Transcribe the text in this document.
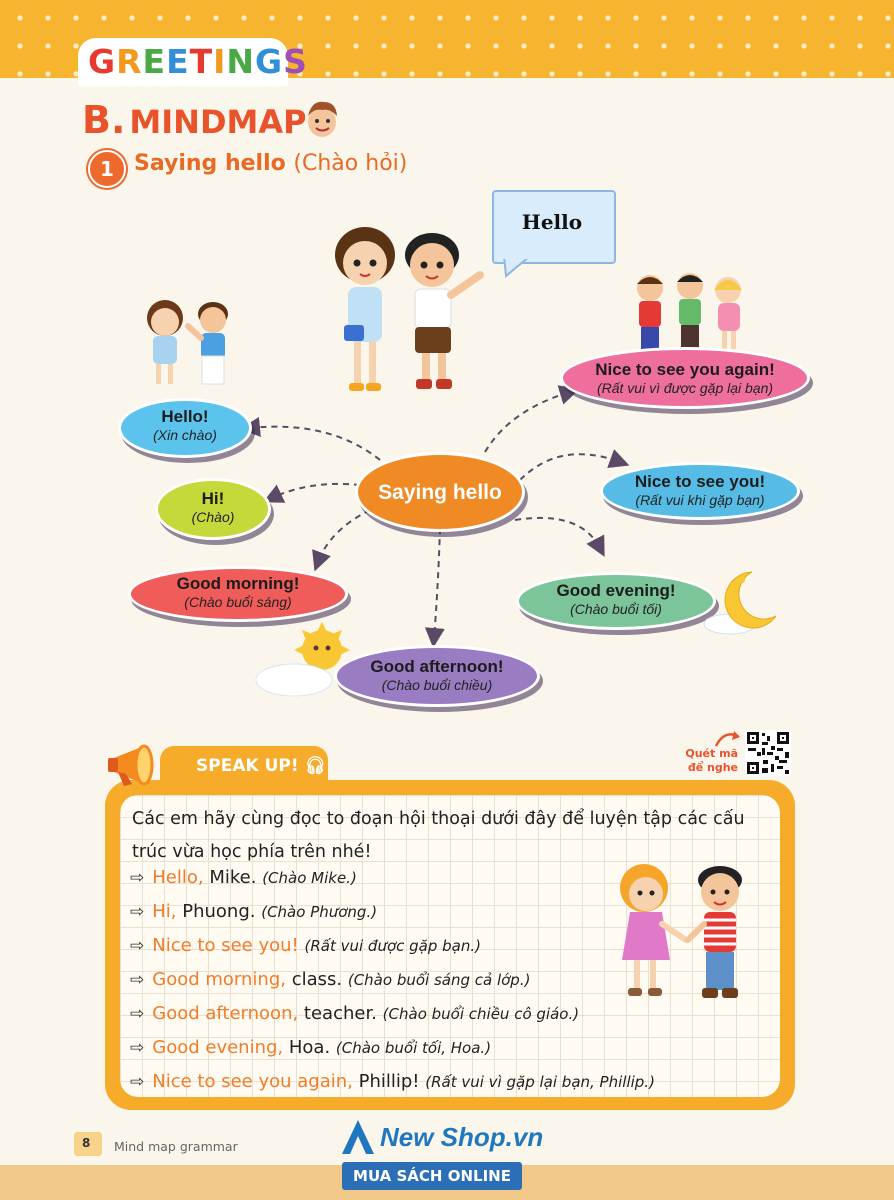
GREETINGS
B. MINDMAP
1 Saying hello (Chào hỏi)
Hello
Saying hello
Hello!
(Xin chào)
Hi!
(Chào)
Good morning!
(Chào buổi sáng)
Good afternoon!
(Chào buổi chiều)
Good evening!
(Chào buổi tối)
Nice to see you!
(Rất vui khi gặp bạn)
Nice to see you again!
(Rất vui vì được gặp lại bạn)
SPEAK UP! 🎧︎
Quét mã
để nghe
Các em hãy cùng đọc to đoạn hội thoại dưới đây để luyện tập các cấu trúc vừa học phía trên nhé!
⇨ Hello, Mike. (Chào Mike.)
⇨ Hi, Phuong. (Chào Phương.)
⇨ Nice to see you! (Rất vui được gặp bạn.)
⇨ Good morning, class. (Chào buổi sáng cả lớp.)
⇨ Good afternoon, teacher. (Chào buổi chiều cô giáo.)
⇨ Good evening, Hoa. (Chào buổi tối, Hoa.)
⇨ Nice to see you again, Phillip! (Rất vui vì gặp lại bạn, Phillip.)
8 Mind map grammar	New Shop.vn
MUA SÁCH ONLINE
